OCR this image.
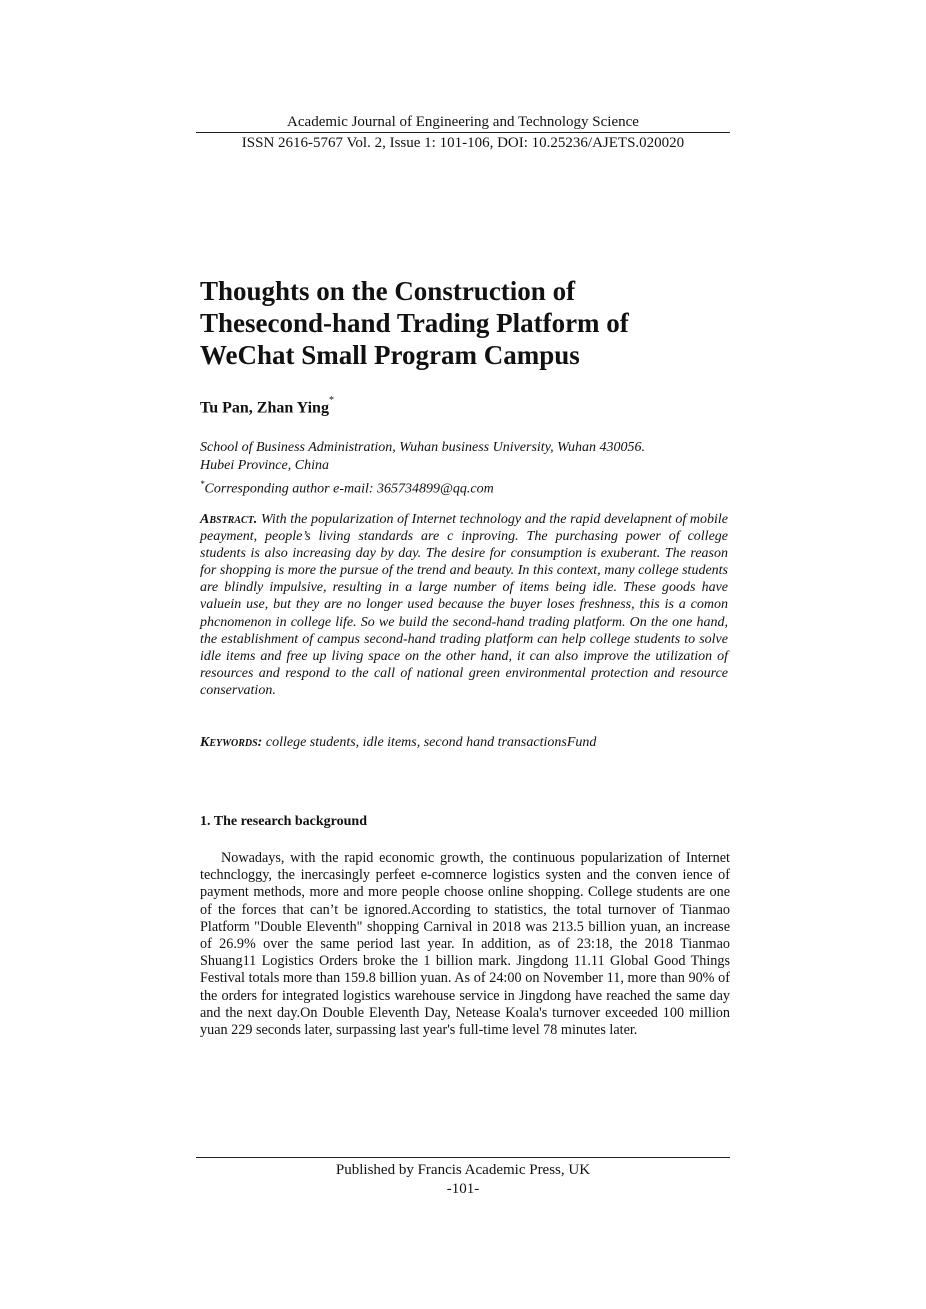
Academic Journal of Engineering and Technology Science
ISSN 2616-5767 Vol. 2, Issue 1: 101-106, DOI: 10.25236/AJETS.020020
Thoughts on the Construction of
Thesecond-hand Trading Platform of
WeChat Small Program Campus
Tu Pan, Zhan Ying*
School of Business Administration, Wuhan business University, Wuhan 430056.
Hubei Province, China
*Corresponding author e-mail: 365734899@qq.com

Abstract. With the popularization of Internet technology and the rapid develapnent of mobile peayment, people’s living standards are c inproving. The purchasing power of college students is also increasing day by day. The desire for consumption is exuberant. The reason for shopping is more the pursue of the trend and beauty. In this context, many college students are blindly impulsive, resulting in a large number of items being idle. These goods have valuein use, but they are no longer used because the buyer loses freshness, this is a comon phcnomenon in college life. So we build the second-hand trading platform. On the one hand, the establishment of campus second-hand trading platform can help college students to solve idle items and free up living space on the other hand, it can also improve the utilization of resources and respond to the call of national green environmental protection and resource conservation.

Keywords: college students, idle items, second hand transactionsFund
1. The research background

Nowadays, with the rapid economic growth, the continuous popularization of Internet techncloggy, the inercasingly perfeet e-comnerce logistics systen and the conven ience of payment methods, more and more people choose online shopping. College students are one of the forces that can’t be ignored.According to statistics, the total turnover of Tianmao Platform "Double Eleventh" shopping Carnival in 2018 was 213.5 billion yuan, an increase of 26.9% over the same period last year. In addition, as of 23:18, the 2018 Tianmao Shuang11 Logistics Orders broke the 1 billion mark. Jingdong 11.11 Global Good Things Festival totals more than 159.8 billion yuan. As of 24:00 on November 11, more than 90% of the orders for integrated logistics warehouse service in Jingdong have reached the same day and the next day.On Double Eleventh Day, Netease Koala's turnover exceeded 100 million yuan 229 seconds later, surpassing last year's full-time level 78 minutes later.

Published by Francis Academic Press, UK
-101-
